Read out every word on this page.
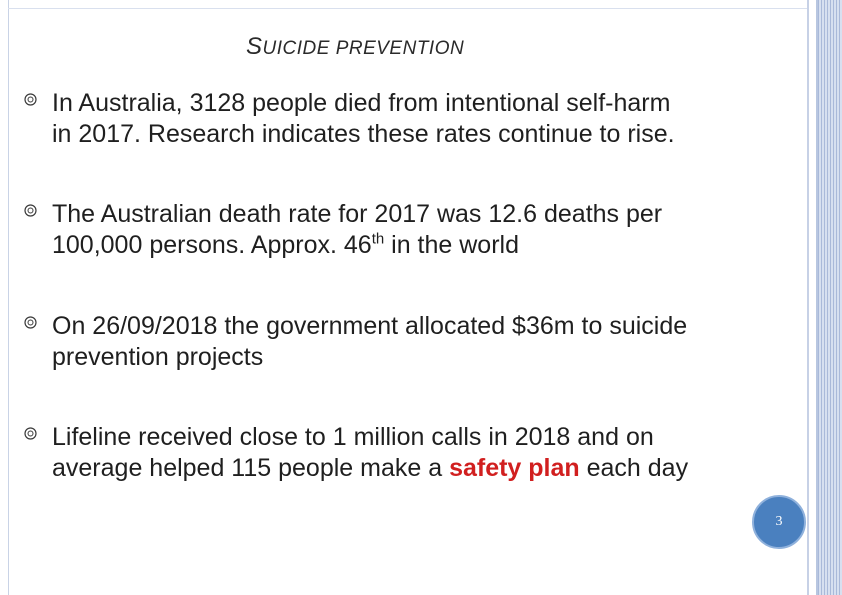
SUICIDE PREVENTION
In Australia, 3128 people died from intentional self-harm
in 2017. Research indicates these rates continue to rise.
The Australian death rate for 2017 was 12.6 deaths per
100,000 persons. Approx. 46th in the world
On 26/09/2018 the government allocated $36m to suicide
prevention projects
Lifeline received close to 1 million calls in 2018 and on
average helped 115 people make a safety plan each day
3
